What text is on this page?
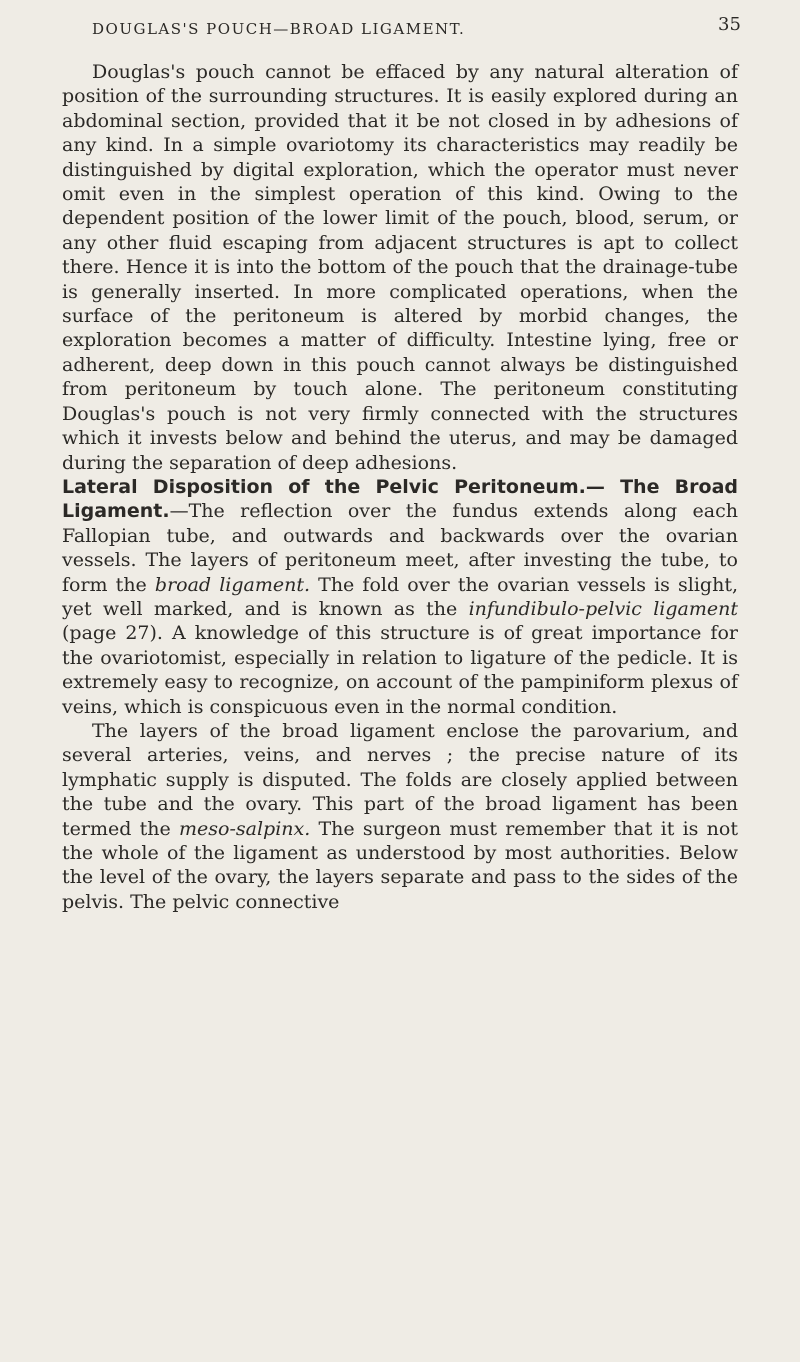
DOUGLAS'S POUCH—BROAD LIGAMENT.	35

Douglas's pouch cannot be effaced by any natural alteration of position of the surrounding structures. It is easily explored during an abdominal section, provided that it be not closed in by adhesions of any kind. In a simple ovariotomy its characteristics may readily be distinguished by digital exploration, which the operator must never omit even in the simplest operation of this kind. Owing to the dependent position of the lower limit of the pouch, blood, serum, or any other fluid escaping from adjacent structures is apt to collect there. Hence it is into the bottom of the pouch that the drainage-tube is generally inserted. In more complicated operations, when the surface of the peritoneum is altered by morbid changes, the exploration becomes a matter of difficulty. Intestine lying, free or adherent, deep down in this pouch cannot always be distinguished from peritoneum by touch alone. The peritoneum constituting Douglas's pouch is not very firmly connected with the structures which it invests below and behind the uterus, and may be damaged during the separation of deep adhesions.

Lateral Disposition of the Pelvic Peritoneum.— The Broad Ligament.—The reflection over the fundus extends along each Fallopian tube, and outwards and backwards over the ovarian vessels. The layers of peritoneum meet, after investing the tube, to form the broad ligament. The fold over the ovarian vessels is slight, yet well marked, and is known as the infundibulo-pelvic ligament (page 27). A knowledge of this structure is of great importance for the ovariotomist, especially in relation to ligature of the pedicle. It is extremely easy to recognize, on account of the pampiniform plexus of veins, which is conspicuous even in the normal condition.

The layers of the broad ligament enclose the parovarium, and several arteries, veins, and nerves ; the precise nature of its lymphatic supply is disputed. The folds are closely applied between the tube and the ovary. This part of the broad ligament has been termed the meso-salpinx. The surgeon must remember that it is not the whole of the ligament as understood by most authorities. Below the level of the ovary, the layers separate and pass to the sides of the pelvis. The pelvic connective
